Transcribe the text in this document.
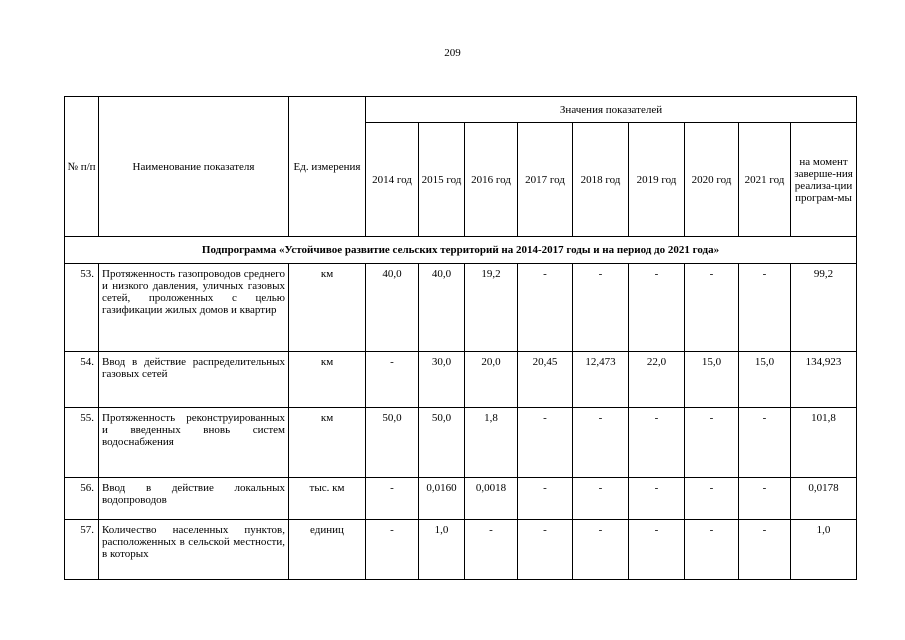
209
№ п/п	Наименование показателя	Ед. измерения	Значения показателей								
			2014 год	2015 год	2016 год	2017 год	2018 год	2019 год	2020 год	2021 год	на момент заверше-ния реализа-ции програм-мы
Подпрограмма «Устойчивое развитие сельских территорий на 2014-2017 годы и на период до 2021 года»											
53.	Протяженность газопроводов среднего и низкого давления, уличных газовых сетей, проложенных с целью газификации жилых домов и квартир	км	40,0	40,0	19,2	-	-	-	-	-	99,2
54.	Ввод в действие распределительных газовых сетей	км	-	30,0	20,0	20,45	12,473	22,0	15,0	15,0	134,923
55.	Протяженность реконструированных и введенных вновь систем водоснабжения	км	50,0	50,0	1,8	-	-	-	-	-	101,8
56.	Ввод в действие локальных водопроводов	тыс. км	-	0,0160	0,0018	-	-	-	-	-	0,0178
57.	Количество населенных пунктов, расположенных в сельской местности, в которых	единиц	-	1,0	-	-	-	-	-	-	1,0
